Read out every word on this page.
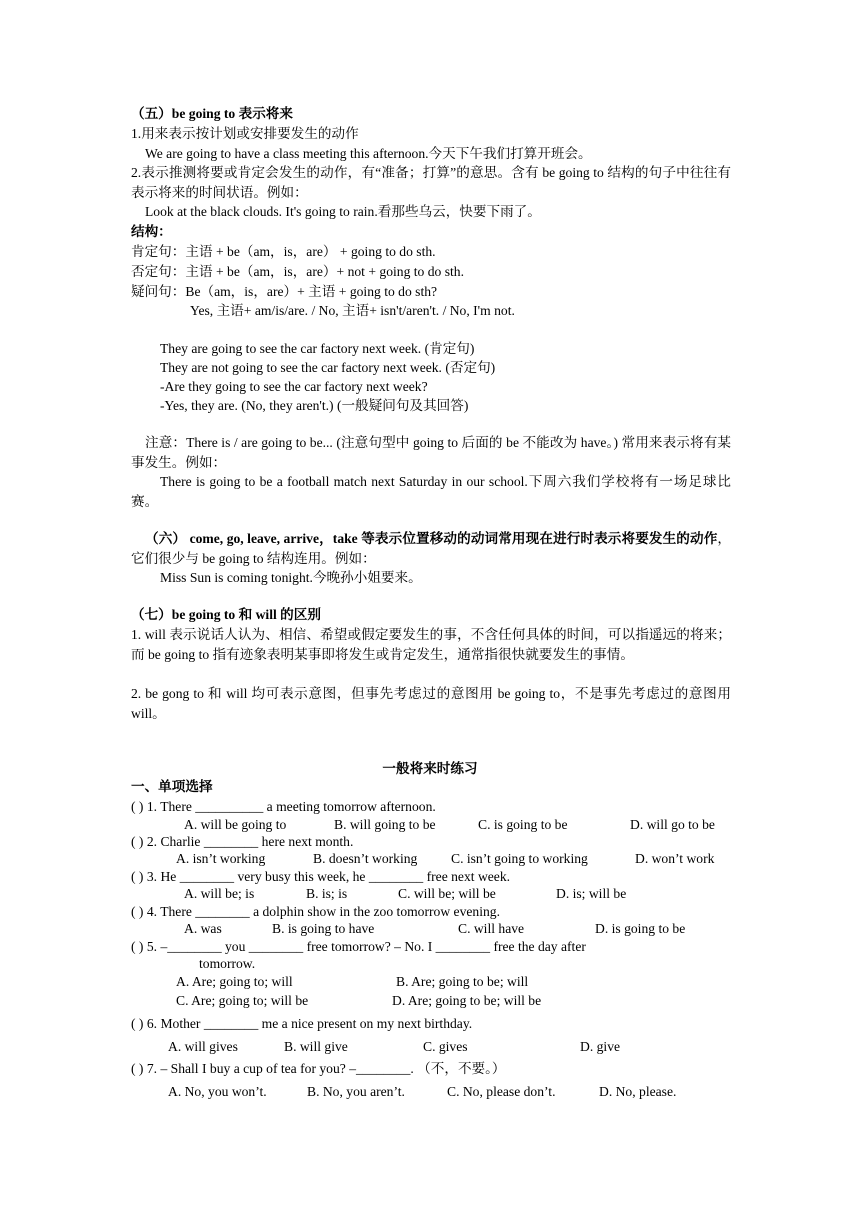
（五）be going to 表示将来
1.用来表示按计划或安排要发生的动作
We are going to have a class meeting this afternoon.今天下午我们打算开班会。
2.表示推测将要或肯定会发生的动作，有“准备；打算”的意思。含有 be going to 结构的句子中往往有表示将来的时间状语。例如：
Look at the black clouds. It's going to rain.看那些乌云，快要下雨了。
结构：
肯定句：主语 + be（am，is，are） + going to do sth.
否定句：主语 + be（am，is，are）+ not + going to do sth.
疑问句：Be（am，is，are）+ 主语 + going to do sth?
Yes, 主语+ am/is/are. / No, 主语+ isn't/aren't. / No, I'm not.
They are going to see the car factory next week. (肯定句)
They are not going to see the car factory next week. (否定句)
-Are they going to see the car factory next week?
-Yes, they are. (No, they aren't.) (一般疑问句及其回答)
注意：There is / are going to be... (注意句型中 going to 后面的 be 不能改为 have。) 常用来表示将有某事发生。例如：
There is going to be a football match next Saturday in our school.下周六我们学校将有一场足球比赛。
（六） come, go, leave, arrive，take 等表示位置移动的动词常用现在进行时表示将要发生的动作，它们很少与 be going to 结构连用。例如：
Miss Sun is coming tonight.今晚孙小姐要来。
（七）be going to 和 will 的区别
1. will 表示说话人认为、相信、希望或假定要发生的事，不含任何具体的时间，可以指遥远的将来；而 be going to 指有迹象表明某事即将发生或肯定发生，通常指很快就要发生的事情。
2. be gong to 和 will 均可表示意图，但事先考虑过的意图用 be going to，不是事先考虑过的意图用 will。
一般将来时练习
一、单项选择
( ) 1. There __________ a meeting tomorrow afternoon.
A. will be going to	B. will going to be	C. is going to be	D. will go to be
( ) 2. Charlie ________ here next month.
A. isn’t working	B. doesn’t working C. isn’t going to working	D. won’t work
( ) 3. He ________ very busy this week, he ________ free next week.
A. will be; is	B. is; is	C. will be; will be	D. is; will be
( ) 4. There ________ a dolphin show in the zoo tomorrow evening.
A. was	B. is going to have	C. will have	D. is going to be
( ) 5. –________ you ________ free tomorrow? – No. I ________ free the day after
tomorrow.
A. Are; going to; will	B. Are; going to be; will
C. Are; going to; will be	D. Are; going to be; will be
( ) 6. Mother ________ me a nice present on my next birthday.
A. will gives	B. will give	C. gives	D. give
( ) 7. – Shall I buy a cup of tea for you? –________. （不，不要。）
A. No, you won’t.	B. No, you aren’t.	C. No, please don’t.	D. No, please.
